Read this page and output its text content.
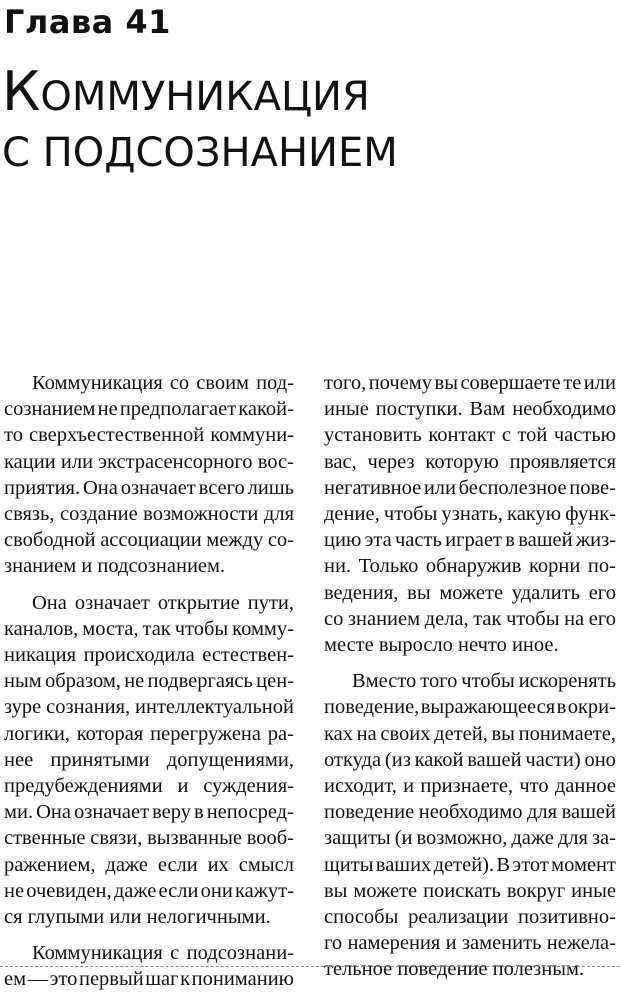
Глава 41
КОММУНИКАЦИЯ
С ПОДСОЗНАНИЕМ
Коммуникация со своим под-
сознанием не предполагает какой-
то сверхъестественной коммуни-
кации или экстрасенсорного вос-
приятия. Она означает всего лишь
связь, создание возможности для
свободной ассоциации между со-
знанием и подсознанием.
Она означает открытие пути,
каналов, моста, так чтобы комму-
никация происходила естествен-
ным образом, не подвергаясь цен-
зуре сознания, интеллектуальной
логики, которая перегружена ра-
нее принятыми допущениями,
предубеждениями и суждения-
ми. Она означает веру в непосред-
ственные связи, вызванные вооб-
ражением, даже если их смысл
не очевиден, даже если они кажут-
ся глупыми или нелогичными.
Коммуникация с подсознани-
ем — это первый шаг к пониманию
того, почему вы совершаете те или
иные поступки. Вам необходимо
установить контакт с той частью
вас, через которую проявляется
негативное или бесполезное пове-
дение, чтобы узнать, какую функ-
цию эта часть играет в вашей жиз-
ни. Только обнаружив корни по-
ведения, вы можете удалить его
со знанием дела, так чтобы на его
месте выросло нечто иное.
Вместо того чтобы искоренять
поведение, выражающееся в окри-
ках на своих детей, вы понимаете,
откуда (из какой вашей части) оно
исходит, и признаете, что данное
поведение необходимо для вашей
защиты (и возможно, даже для за-
щиты ваших детей). В этот момент
вы можете поискать вокруг иные
способы реализации позитивно-
го намерения и заменить нежела-
тельное поведение полезным.
